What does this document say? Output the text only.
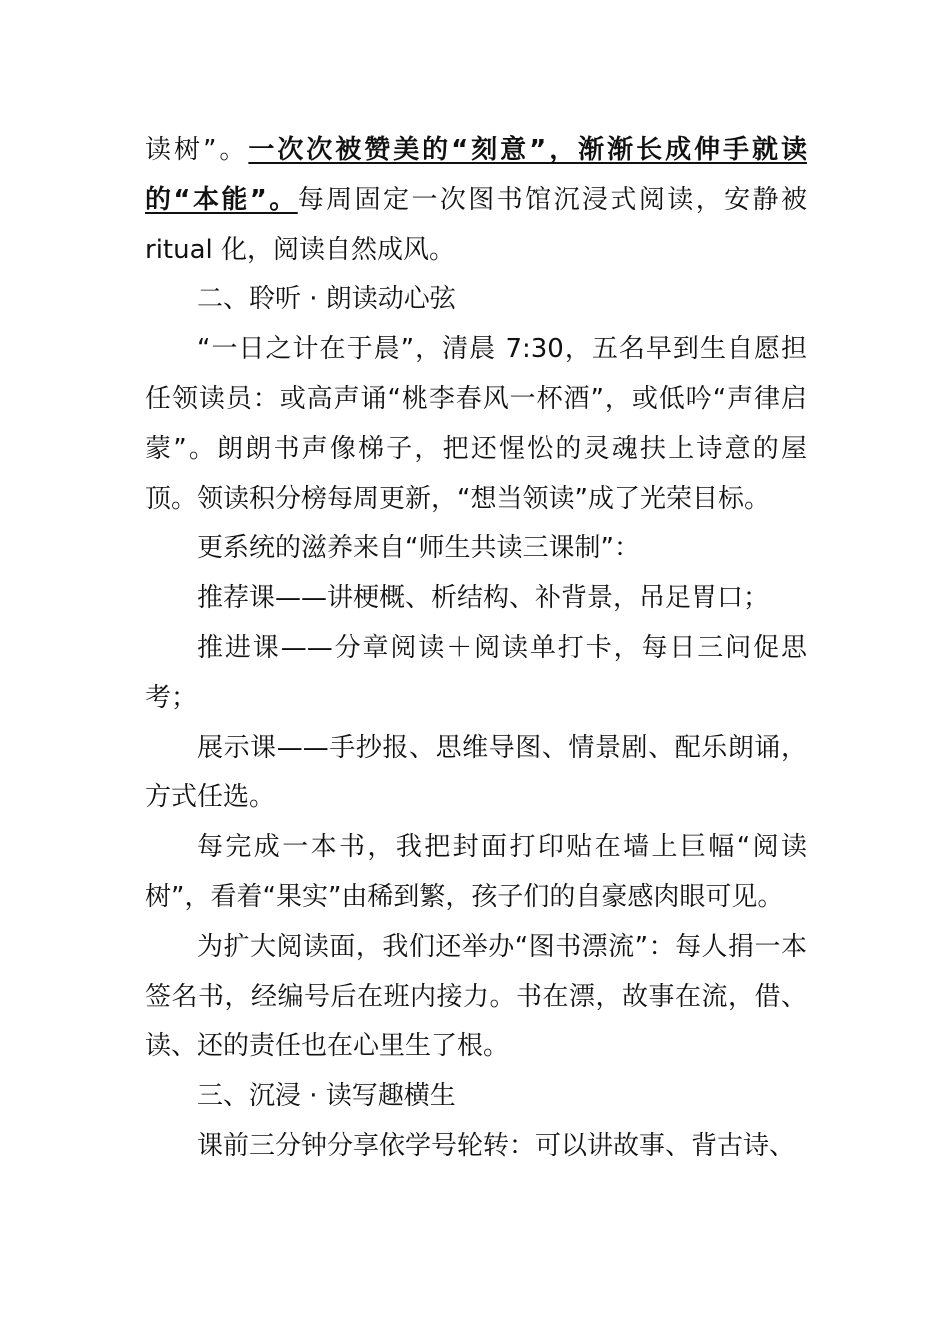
读树”。一次次被赞美的“刻意”，渐渐长成伸手就读的“本能”。每周固定一次图书馆沉浸式阅读，安静被 ritual 化，阅读自然成风。

二、聆听 · 朗读动心弦

“一日之计在于晨”，清晨 7:30，五名早到生自愿担任领读员：或高声诵“桃李春风一杯酒”，或低吟“声律启蒙”。朗朗书声像梯子，把还惺忪的灵魂扶上诗意的屋顶。领读积分榜每周更新，“想当领读”成了光荣目标。

更系统的滋养来自“师生共读三课制”：

推荐课——讲梗概、析结构、补背景，吊足胃口；

推进课——分章阅读＋阅读单打卡，每日三问促思考；

展示课——手抄报、思维导图、情景剧、配乐朗诵，方式任选。

每完成一本书，我把封面打印贴在墙上巨幅“阅读树”，看着“果实”由稀到繁，孩子们的自豪感肉眼可见。

为扩大阅读面，我们还举办“图书漂流”：每人捐一本签名书，经编号后在班内接力。书在漂，故事在流，借、读、还的责任也在心里生了根。

三、沉浸 · 读写趣横生

课前三分钟分享依学号轮转：可以讲故事、背古诗、
